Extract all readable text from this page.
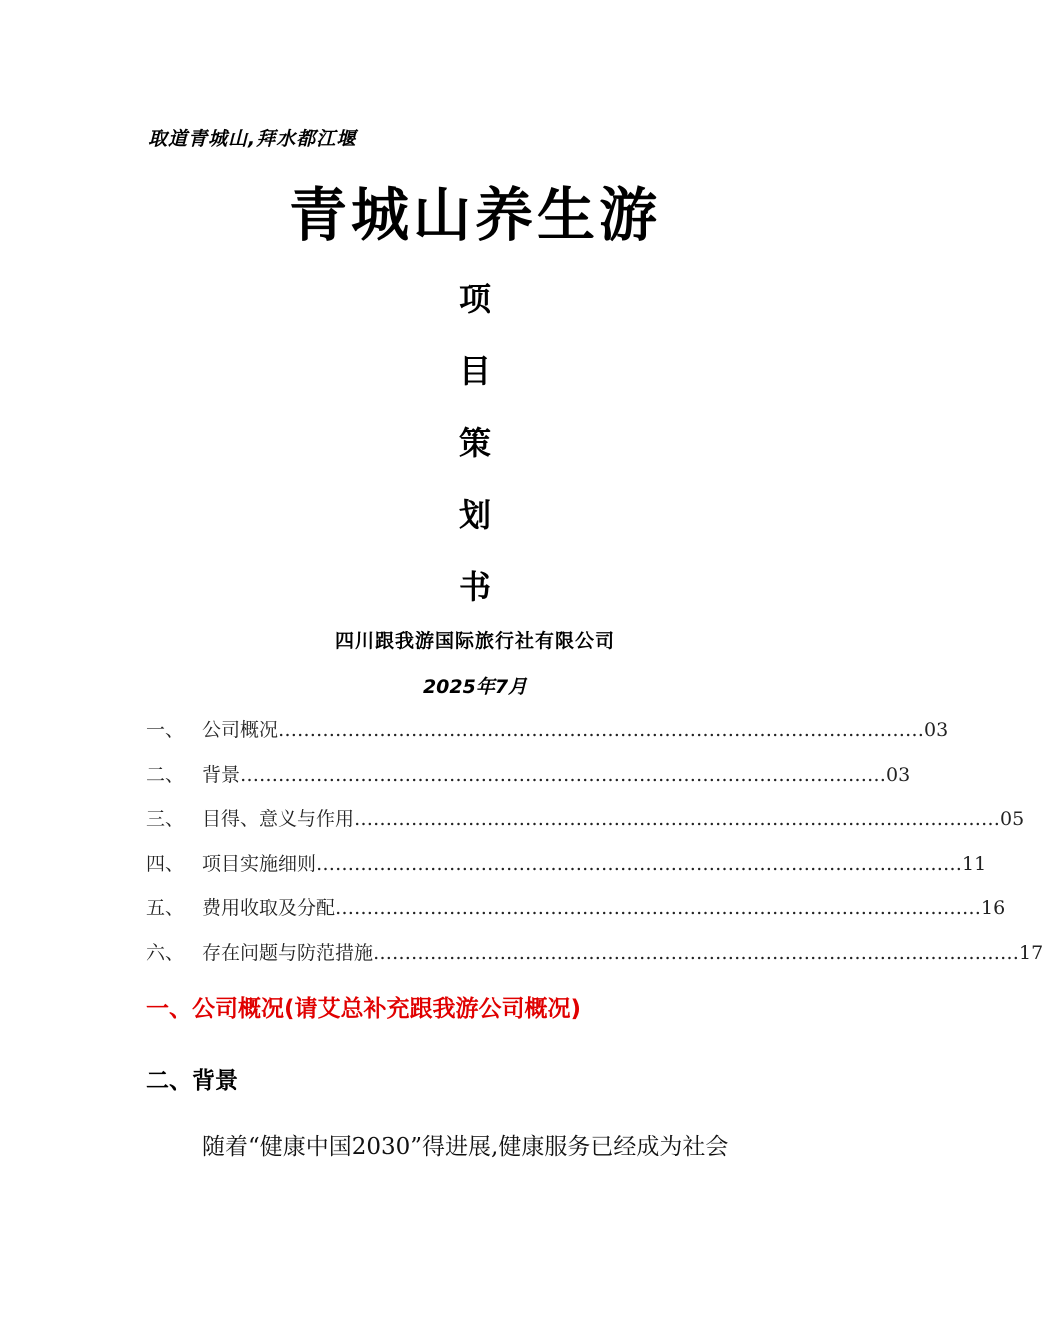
取道青城山,拜水都江堰
青城山养生游
项
目
策
划
书
四川跟我游国际旅行社有限公司
2025年7月
一、 公司概况 ………………………………………………………………………………………… 03
二、 背景 ………………………………………………………………………………………… 03
三、 目得、意义与作用 ………………………………………………………………………………………… 05
四、 项目实施细则 ………………………………………………………………………………………… 11
五、 费用收取及分配 ………………………………………………………………………………………… 16
六、 存在问题与防范措施 ………………………………………………………………………………………… 17
一、公司概况(请艾总补充跟我游公司概况)
二、背景
随着“健康中国2030”得进展,健康服务已经成为社会
